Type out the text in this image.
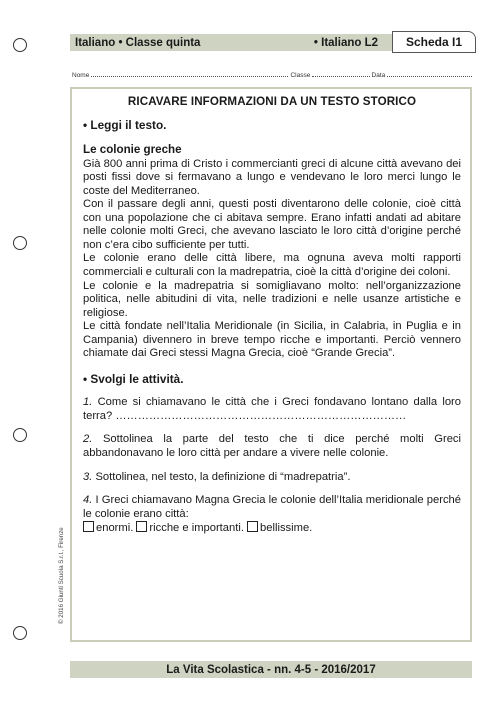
Italiano • Classe quinta	• Italiano L2	Scheda I1
Nome	Classe	Data

RICAVARE INFORMAZIONI DA UN TESTO STORICO

• Leggi il testo.

Le colonie greche

Già 800 anni prima di Cristo i commercianti greci di alcune città avevano dei posti fissi dove si fermavano a lungo e vendevano le loro merci lungo le coste del Mediterraneo.

Con il passare degli anni, questi posti diventarono delle colonie, cioè città con una popolazione che ci abitava sempre. Erano infatti andati ad abitare nelle colonie molti Greci, che avevano lasciato le loro città d’origine perché non c’era cibo sufficiente per tutti.

Le colonie erano delle città libere, ma ognuna aveva molti rapporti commerciali e culturali con la madrepatria, cioè la città d’origine dei coloni.

Le colonie e la madrepatria si somigliavano molto: nell’organizzazione politica, nelle abitudini di vita, nelle tradizioni e nelle usanze artistiche e religiose.

Le città fondate nell’Italia Meridionale (in Sicilia, in Calabria, in Puglia e in Campania) divennero in breve tempo ricche e importanti. Perciò vennero chiamate dai Greci stessi Magna Grecia, cioè “Grande Grecia”.

• Svolgi le attività.

1. Come si chiamavano le città che i Greci fondavano lontano dalla loro terra? ……………………………………………………………………

2. Sottolinea la parte del testo che ti dice perché molti Greci abbandonavano le loro città per andare a vivere nelle colonie.

3. Sottolinea, nel testo, la definizione di “madrepatria”.

4. I Greci chiamavano Magna Grecia le colonie dell’Italia meridionale perché le colonie erano città:

enormi. ricche e importanti. bellissime.

© 2016 Giunti Scuola S.r.l., Firenze
La Vita Scolastica - nn. 4-5 - 2016/2017
